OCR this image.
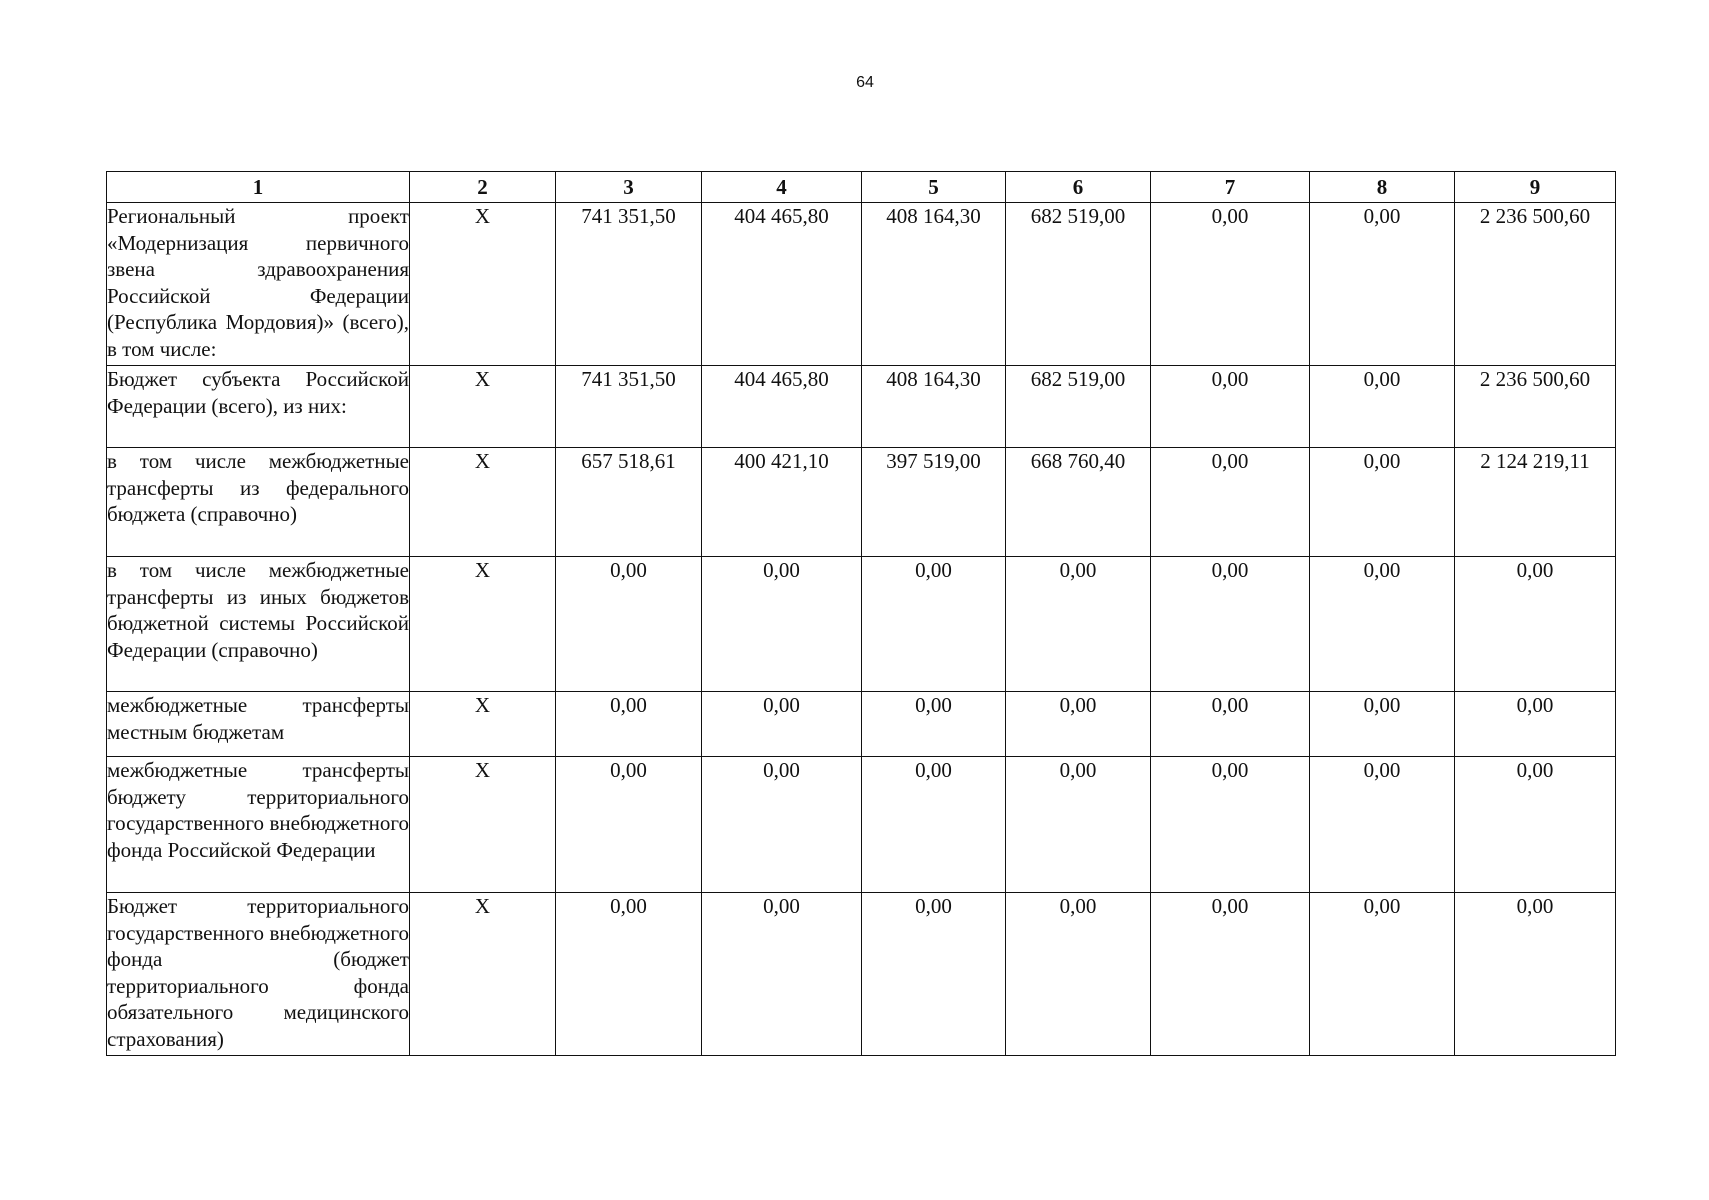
64
1	2	3	4	5	6	7	8	9
Региональный проект «Модернизация первичного звена здравоохранения Российской Федерации (Республика Мордовия)» (всего), в том числе:	Х	741 351,50	404 465,80	408 164,30	682 519,00	0,00	0,00	2 236 500,60
Бюджет субъекта Российской Федерации (всего), из них:	Х	741 351,50	404 465,80	408 164,30	682 519,00	0,00	0,00	2 236 500,60
в том числе межбюджетные трансферты из федерального бюджета (справочно)	Х	657 518,61	400 421,10	397 519,00	668 760,40	0,00	0,00	2 124 219,11
в том числе межбюджетные трансферты из иных бюджетов бюджетной системы Российской Федерации (справочно)	Х	0,00	0,00	0,00	0,00	0,00	0,00	0,00
межбюджетные трансферты местным бюджетам	Х	0,00	0,00	0,00	0,00	0,00	0,00	0,00
межбюджетные трансферты бюджету территориального государственного внебюджетного фонда Российской Федерации	Х	0,00	0,00	0,00	0,00	0,00	0,00	0,00
Бюджет территориального государственного внебюджетного фонда (бюджет территориального фонда обязательного медицинского страхования)	Х	0,00	0,00	0,00	0,00	0,00	0,00	0,00
